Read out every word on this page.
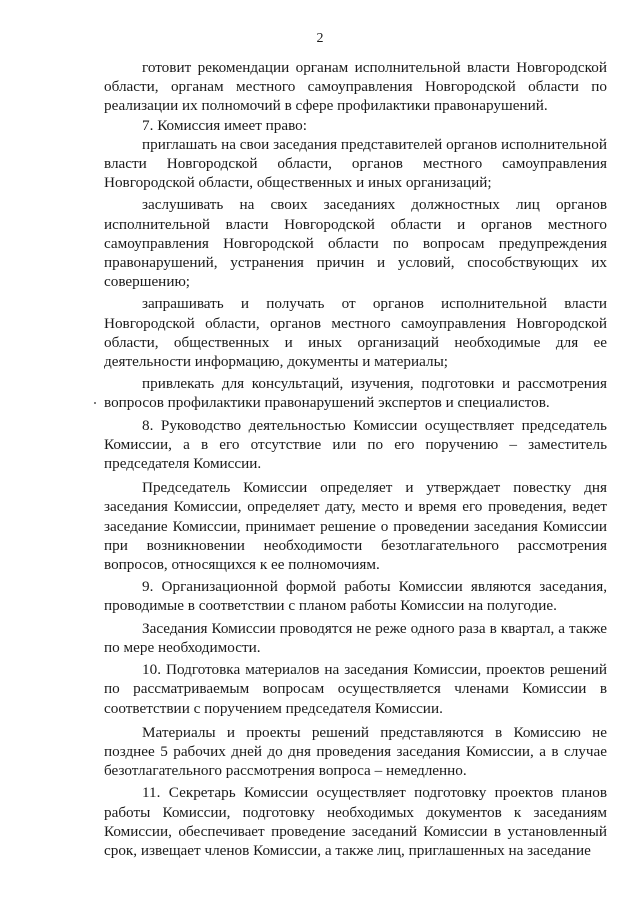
2

готовит рекомендации органам исполнительной власти Новгородской области, органам местного самоуправления Новгородской области по реализации их полномочий в сфере профилактики правонарушений.

7. Комиссия имеет право:

приглашать на свои заседания представителей органов исполнительной власти Новгородской области, органов местного самоуправления Новгородской области, общественных и иных организаций;

заслушивать на своих заседаниях должностных лиц органов исполнительной власти Новгородской области и органов местного самоуправления Новгородской области по вопросам предупреждения правонарушений, устранения причин и условий, способствующих их совершению;

запрашивать и получать от органов исполнительной власти Новгородской области, органов местного самоуправления Новгородской области, общественных и иных организаций необходимые для ее деятельности информацию, документы и материалы;

привлекать для консультаций, изучения, подготовки и рассмотрения вопросов профилактики правонарушений экспертов и специалистов.

8. Руководство деятельностью Комиссии осуществляет председатель Комиссии, а в его отсутствие или по его поручению – заместитель председателя Комиссии.

Председатель Комиссии определяет и утверждает повестку дня заседания Комиссии, определяет дату, место и время его проведения, ведет заседание Комиссии, принимает решение о проведении заседания Комиссии при возникновении необходимости безотлагательного рассмотрения вопросов, относящихся к ее полномочиям.

9. Организационной формой работы Комиссии являются заседания, проводимые в соответствии с планом работы Комиссии на полугодие.

Заседания Комиссии проводятся не реже одного раза в квартал, а также по мере необходимости.

10. Подготовка материалов на заседания Комиссии, проектов решений по рассматриваемым вопросам осуществляется членами Комиссии в соответствии с поручением председателя Комиссии.

Материалы и проекты решений представляются в Комиссию не позднее 5 рабочих дней до дня проведения заседания Комиссии, а в случае безотлагательного рассмотрения вопроса – немедленно.

11. Секретарь Комиссии осуществляет подготовку проектов планов работы Комиссии, подготовку необходимых документов к заседаниям Комиссии, обеспечивает проведение заседаний Комиссии в установленный срок, извещает членов Комиссии, а также лиц, приглашенных на заседание
